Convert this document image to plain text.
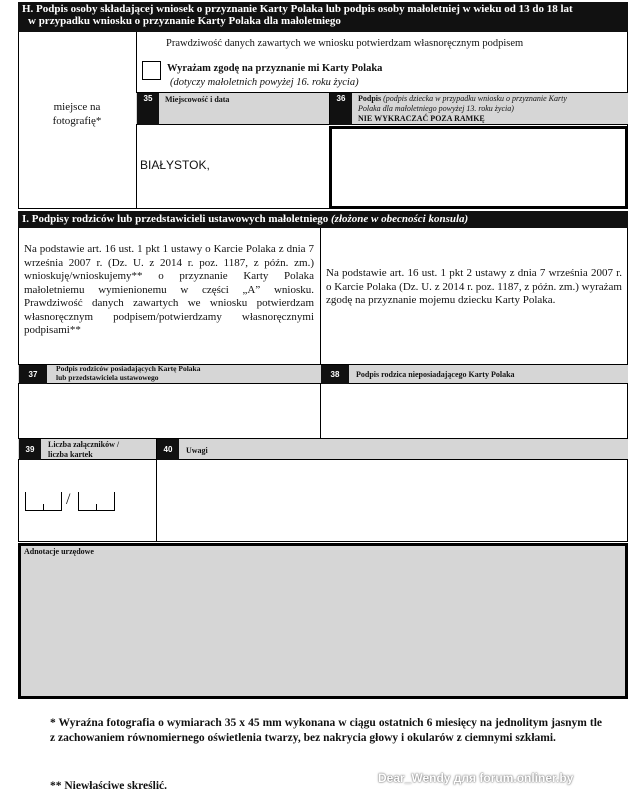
H. Podpis osoby składającej wniosek o przyznanie Karty Polaka lub podpis osoby małoletniej w wieku od 13 do 18 lat
w przypadku wniosku o przyznanie Karty Polaka dla małoletniego
miejsce na
fotografię*
Prawdziwość danych zawartych we wniosku potwierdzam własnoręcznym podpisem
Wyrażam zgodę na przyznanie mi Karty Polaka
(dotyczy małoletnich powyżej 16. roku życia)
35	Miejscowość i data	36	Podpis (podpis dziecka w przypadku wniosku o przyznanie Karty
Polaka dla małoletniego powyżej 13. roku życia)
NIE WYKRACZAĆ POZA RAMKĘ
BIAŁYSTOK,
I. Podpisy rodziców lub przedstawicieli ustawowych małoletniego (złożone w obecności konsula)
Na podstawie art. 16 ust. 1 pkt 1 ustawy o Karcie Polaka z dnia 7 września 2007 r. (Dz. U. z 2014 r. poz. 1187, z późn. zm.) wnioskuję/wnioskujemy** o przyznanie Karty Polaka małoletniemu wymienionemu w części „A” wniosku. Prawdziwość danych zawartych we wniosku potwierdzam własnoręcznym podpisem/potwierdzamy własnoręcznymi podpisami**
Na podstawie art. 16 ust. 1 pkt 2 ustawy z dnia 7 września 2007 r. o Karcie Polaka (Dz. U. z 2014 r. poz. 1187, z późn. zm.) wyrażam zgodę na przyznanie mojemu dziecku Karty Polaka.
37
Podpis rodziców posiadających Kartę Polaka
lub przedstawiciela ustawowego	38	Podpis rodzica nieposiadającego Karty Polaka
39
Liczba załączników /
liczba kartek
40	Uwagi
/
Adnotacje urzędowe
* Wyraźna fotografia o wymiarach 35 x 45 mm wykonana w ciągu ostatnich 6 miesięcy na jednolitym jasnym tle z zachowaniem równomiernego oświetlenia twarzy, bez nakrycia głowy i okularów z ciemnymi szkłami.
** Niewłaściwe skreślić.
Dear_Wendy для forum.onliner.by
